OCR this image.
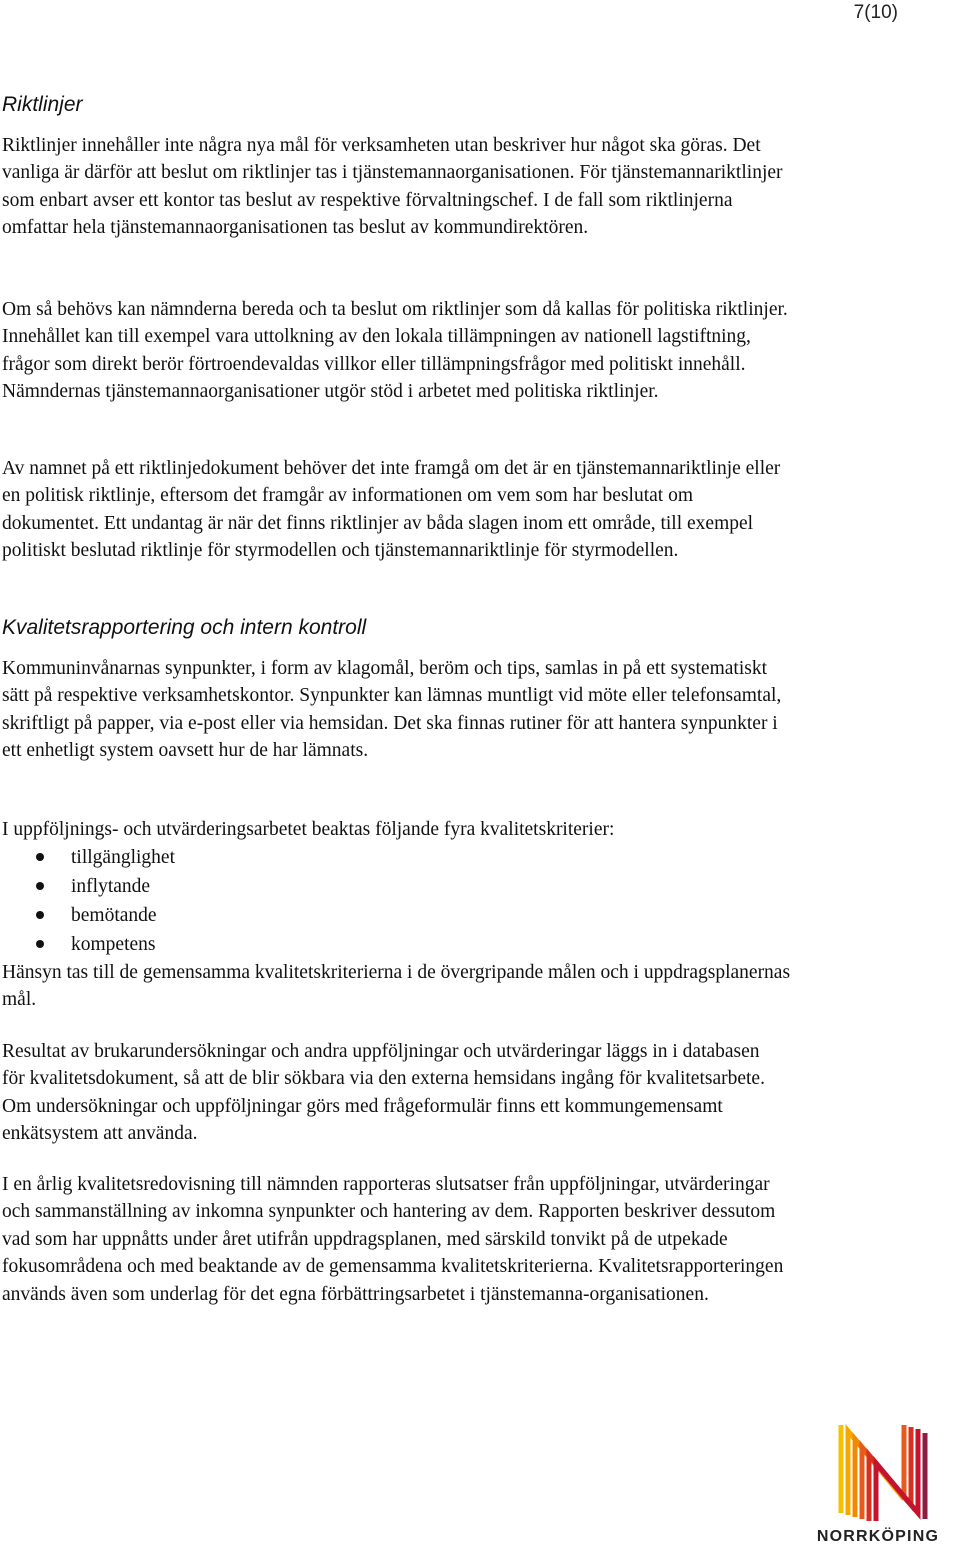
7(10)
Riktlinjer

Riktlinjer innehåller inte några nya mål för verksamheten utan beskriver hur något ska göras. Det vanliga är därför att beslut om riktlinjer tas i tjänstemannaorganisationen. För tjänstemannariktlinjer som enbart avser ett kontor tas beslut av respektive förvaltningschef. I de fall som riktlinjerna omfattar hela tjänstemannaorganisationen tas beslut av kommundirektören.

Om så behövs kan nämnderna bereda och ta beslut om riktlinjer som då kallas för politiska riktlinjer. Innehållet kan till exempel vara uttolkning av den lokala tillämpningen av nationell lagstiftning, frågor som direkt berör förtroendevaldas villkor eller tillämpningsfrågor med politiskt innehåll. Nämndernas tjänstemannaorganisationer utgör stöd i arbetet med politiska riktlinjer.

Av namnet på ett riktlinjedokument behöver det inte framgå om det är en tjänstemannariktlinje eller en politisk riktlinje, eftersom det framgår av informationen om vem som har beslutat om dokumentet. Ett undantag är när det finns riktlinjer av båda slagen inom ett område, till exempel politiskt beslutad riktlinje för styrmodellen och tjänstemannariktlinje för styrmodellen.

Kvalitetsrapportering och intern kontroll

Kommuninvånarnas synpunkter, i form av klagomål, beröm och tips, samlas in på ett systematiskt sätt på respektive verksamhetskontor. Synpunkter kan lämnas muntligt vid möte eller telefonsamtal, skriftligt på papper, via e-post eller via hemsidan. Det ska finnas rutiner för att hantera synpunkter i ett enhetligt system oavsett hur de har lämnats.

I uppföljnings- och utvärderingsarbetet beaktas följande fyra kvalitetskriterier:

tillgänglighet
inflytande
bemötande
kompetens

Hänsyn tas till de gemensamma kvalitetskriterierna i de övergripande målen och i uppdragsplanernas mål.

Resultat av brukarundersökningar och andra uppföljningar och utvärderingar läggs in i databasen för kvalitetsdokument, så att de blir sökbara via den externa hemsidans ingång för kvalitetsarbete. Om undersökningar och uppföljningar görs med frågeformulär finns ett kommungemensamt enkätsystem att använda.

I en årlig kvalitetsredovisning till nämnden rapporteras slutsatser från uppföljningar, utvärderingar och sammanställning av inkomna synpunkter och hantering av dem. Rapporten beskriver dessutom vad som har uppnåtts under året utifrån uppdragsplanen, med särskild tonvikt på de utpekade fokusområdena och med beaktande av de gemensamma kvalitetskriterierna. Kvalitetsrapporteringen används även som underlag för det egna förbättringsarbetet i tjänstemanna-organisationen.

NORRKÖPING
